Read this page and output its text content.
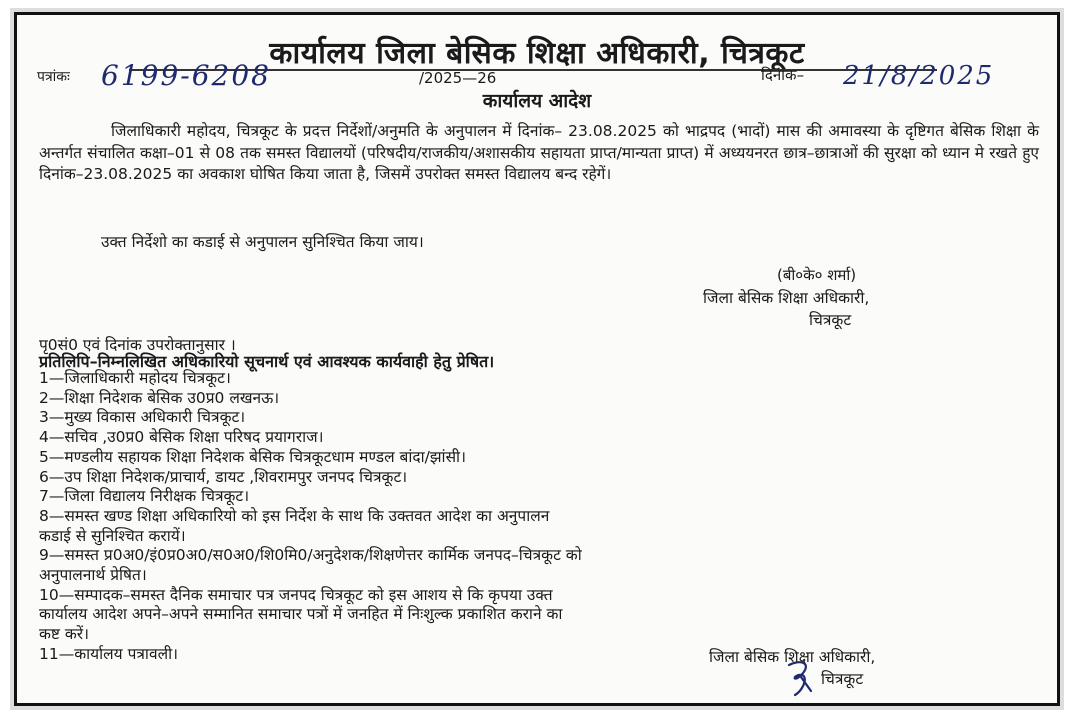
कार्यालय जिला बेसिक शिक्षा अधिकारी, चित्रकूट
पत्रांकः 6199-6208	/2025—26	दिनांक– 21/8/2025
कार्यालय आदेश

जिलाधिकारी महोदय, चित्रकूट के प्रदत्त निर्देशों/अनुमति के अनुपालन में दिनांक– 23.08.2025 को भाद्रपद (भादों) मास की अमावस्या के दृष्टिगत बेसिक शिक्षा के अन्तर्गत संचालित कक्षा–01 से 08 तक समस्त विद्यालयों (परिषदीय/राजकीय/अशासकीय सहायता प्राप्त/मान्यता प्राप्त) में अध्ययनरत छात्र–छात्राओं की सुरक्षा को ध्यान मे रखते हुए दिनांक–23.08.2025 का अवकाश घोषित किया जाता है, जिसमें उपरोक्त समस्त विद्यालय बन्द रहेगें।

उक्त निर्देशो का कडाई से अनुपालन सुनिश्चित किया जाय।
(बी०के० शर्मा)
जिला बेसिक शिक्षा अधिकारी,
चित्रकूट
पृ0सं0 एवं दिनांक उपरोक्तानुसार ।
प्रतिलिपि–निम्नलिखित अधिकारियो सूचनार्थ एवं आवश्यक कार्यवाही हेतु प्रेषित।
1—जिलाधिकारी महोदय चित्रकूट।
2—शिक्षा निदेशक बेसिक उ0प्र0 लखनऊ।
3—मुख्य विकास अधिकारी चित्रकूट।
4—सचिव ,उ0प्र0 बेसिक शिक्षा परिषद प्रयागराज।
5—मण्डलीय सहायक शिक्षा निदेशक बेसिक चित्रकूटधाम मण्डल बांदा/झांसी।
6—उप शिक्षा निदेशक/प्राचार्य, डायट ,शिवरामपुर जनपद चित्रकूट।
7—जिला विद्यालय निरीक्षक चित्रकूट।
8—समस्त खण्ड शिक्षा अधिकारियो को इस निर्देश के साथ कि उक्तवत आदेश का अनुपालन
कडाई से सुनिश्चित करायें।
9—समस्त प्र0अ0/इं0प्र0अ0/स0अ0/शि0मि0/अनुदेशक/शिक्षणेत्तर कार्मिक जनपद–चित्रकूट को
अनुपालनार्थ प्रेषित।
10—सम्पादक–समस्त दैनिक समाचार पत्र जनपद चित्रकूट को इस आशय से कि कृपया उक्त
कार्यालय आदेश अपने–अपने सम्मानित समाचार पत्रों में जनहित में निःशुल्क प्रकाशित कराने का
कष्ट करें।
11—कार्यालय पत्रावली।	जिला बेसिक शिक्षा अधिकारी,
चित्रकूट
